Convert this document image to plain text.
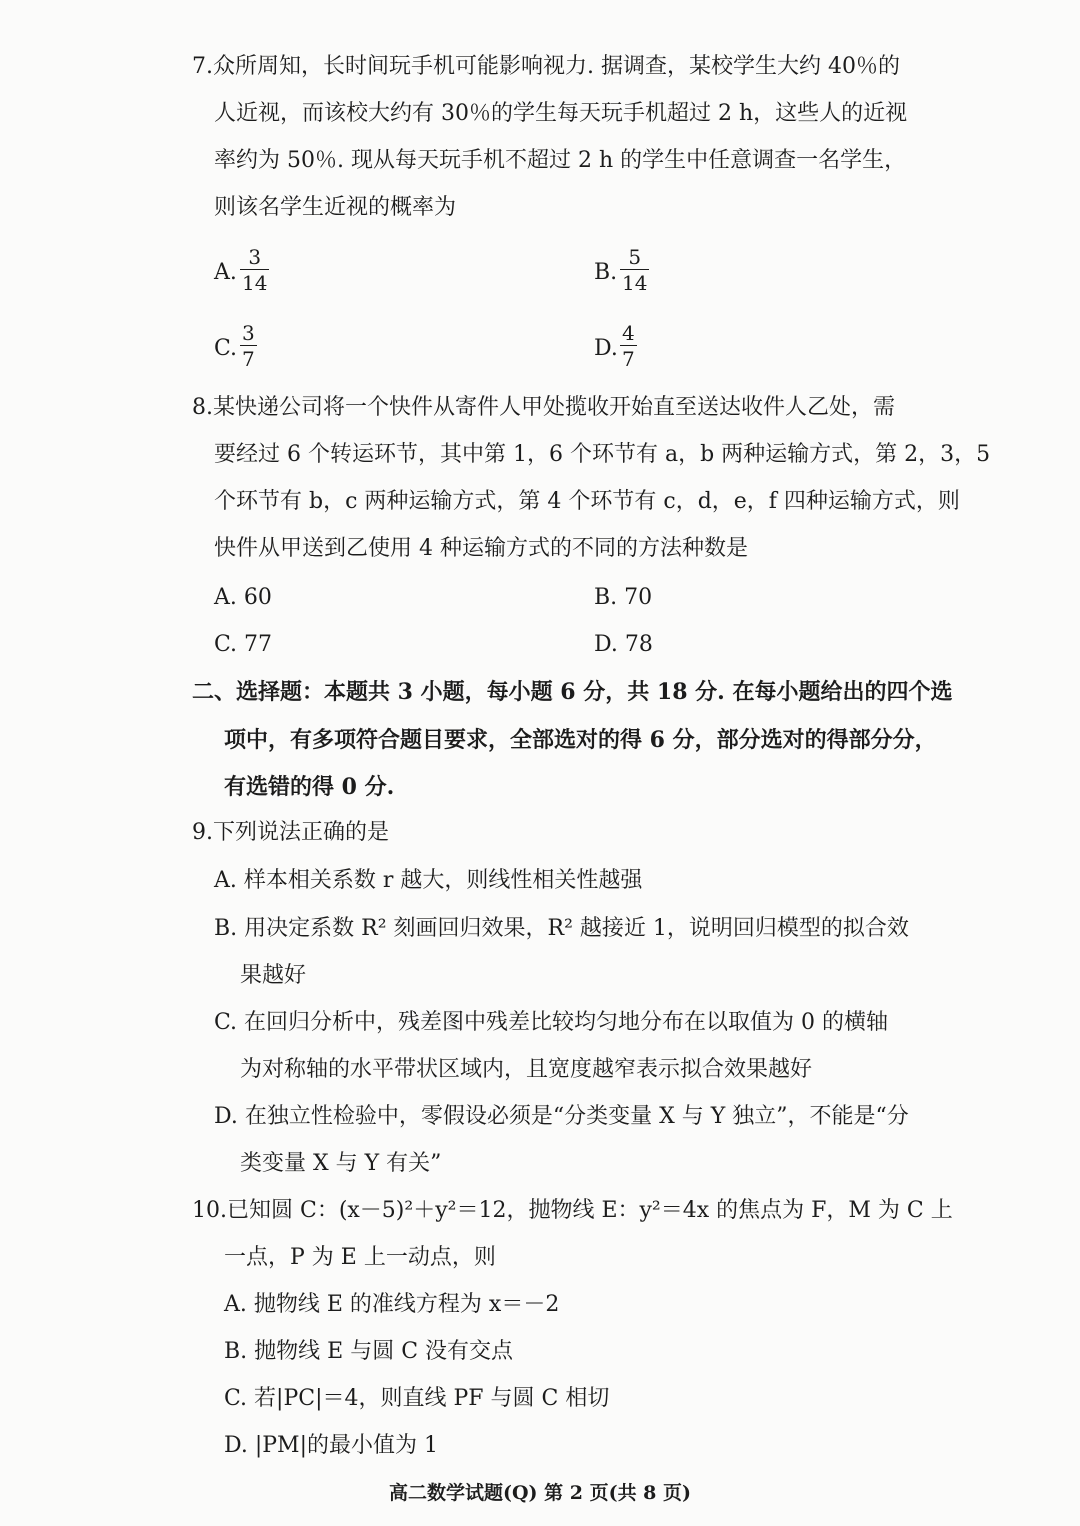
7.众所周知，长时间玩手机可能影响视力. 据调查，某校学生大约 40％的
人近视，而该校大约有 30％的学生每天玩手机超过 2 h，这些人的近视
率约为 50％. 现从每天玩手机不超过 2 h 的学生中任意调查一名学生，
则该名学生近视的概率为
A.
3
14	B.
5
14
C.
3
7	D.
4
7
8.某快递公司将一个快件从寄件人甲处揽收开始直至送达收件人乙处，需
要经过 6 个转运环节，其中第 1，6 个环节有 a，b 两种运输方式，第 2，3，5
个环节有 b，c 两种运输方式，第 4 个环节有 c，d，e，f 四种运输方式，则
快件从甲送到乙使用 4 种运输方式的不同的方法种数是
A. 60	B. 70
C. 77	D. 78
二、选择题：本题共 3 小题，每小题 6 分，共 18 分. 在每小题给出的四个选
项中，有多项符合题目要求，全部选对的得 6 分，部分选对的得部分分，
有选错的得 0 分.
9.下列说法正确的是
A. 样本相关系数 r 越大，则线性相关性越强
B. 用决定系数 R² 刻画回归效果，R² 越接近 1，说明回归模型的拟合效
果越好
C. 在回归分析中，残差图中残差比较均匀地分布在以取值为 0 的横轴
为对称轴的水平带状区域内，且宽度越窄表示拟合效果越好
D. 在独立性检验中，零假设必须是“分类变量 X 与 Y 独立”，不能是“分
类变量 X 与 Y 有关”
10.已知圆 C：(x－5)²＋y²＝12，抛物线 E：y²＝4x 的焦点为 F，M 为 C 上
一点，P 为 E 上一动点，则
A. 抛物线 E 的准线方程为 x＝－2
B. 抛物线 E 与圆 C 没有交点
C. 若|PC|＝4，则直线 PF 与圆 C 相切
D. |PM|的最小值为 1
高二数学试题(Q) 第 2 页(共 8 页)
